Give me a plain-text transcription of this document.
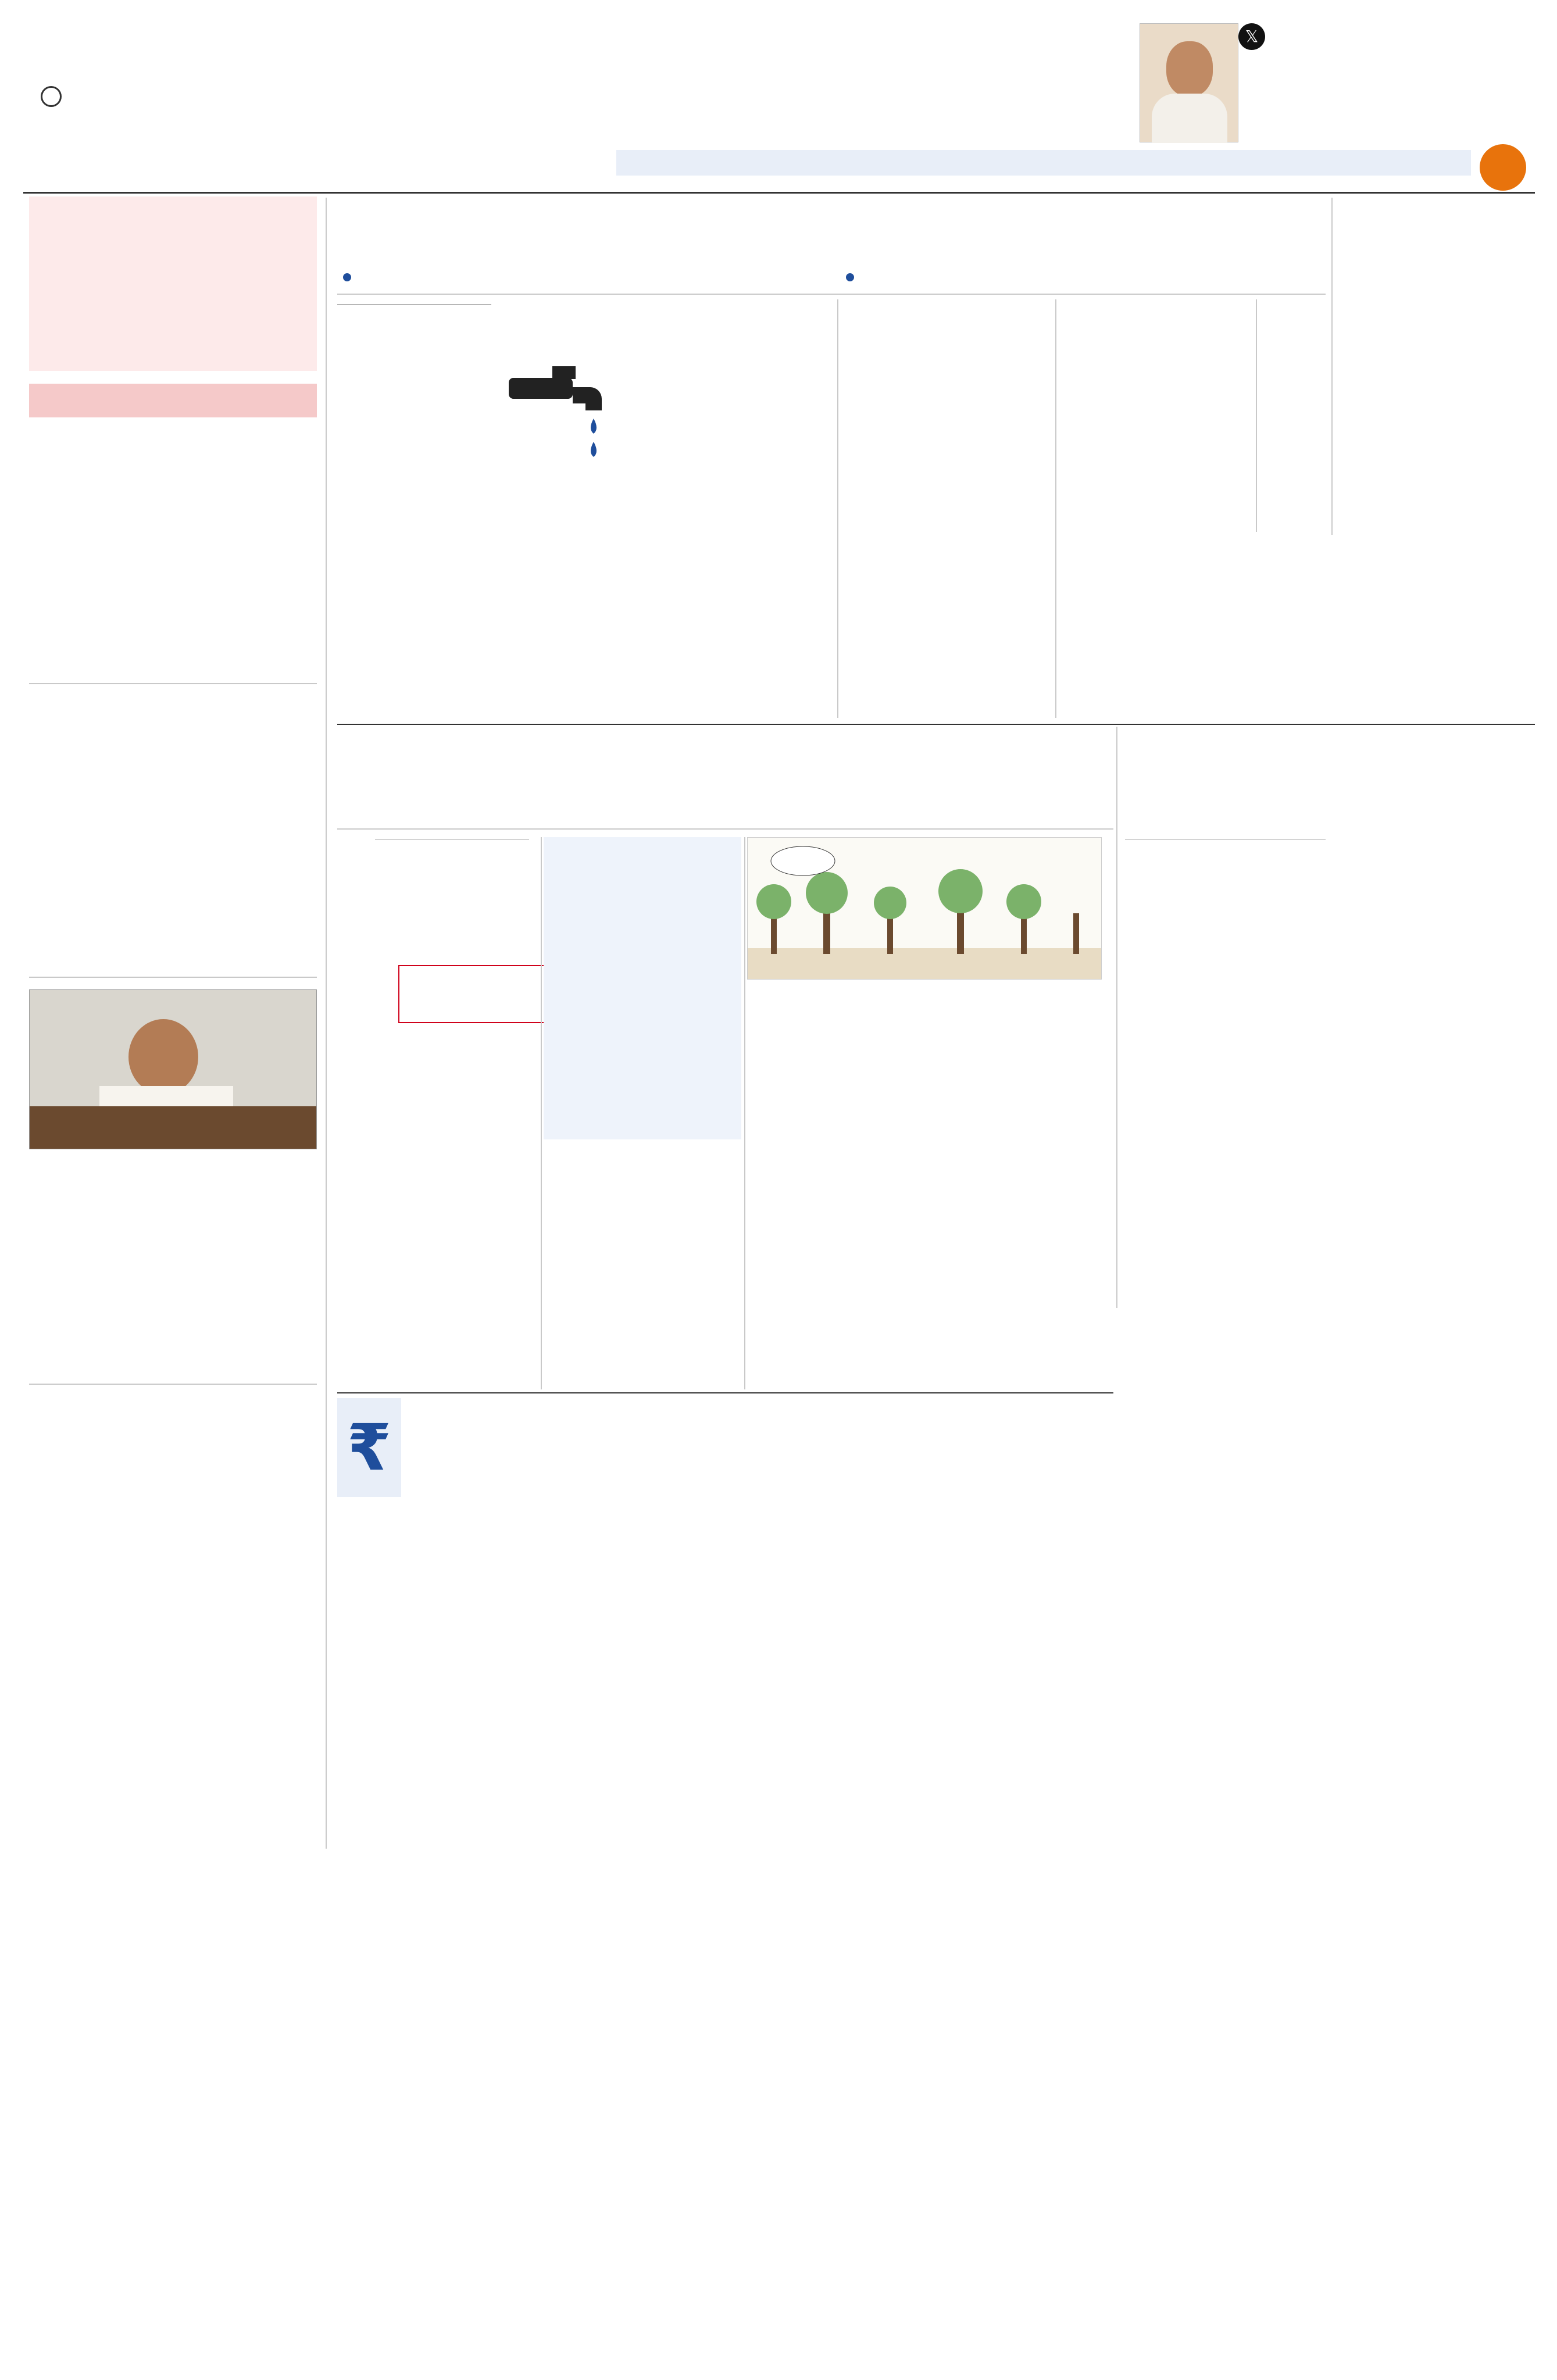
𝕏

₹
